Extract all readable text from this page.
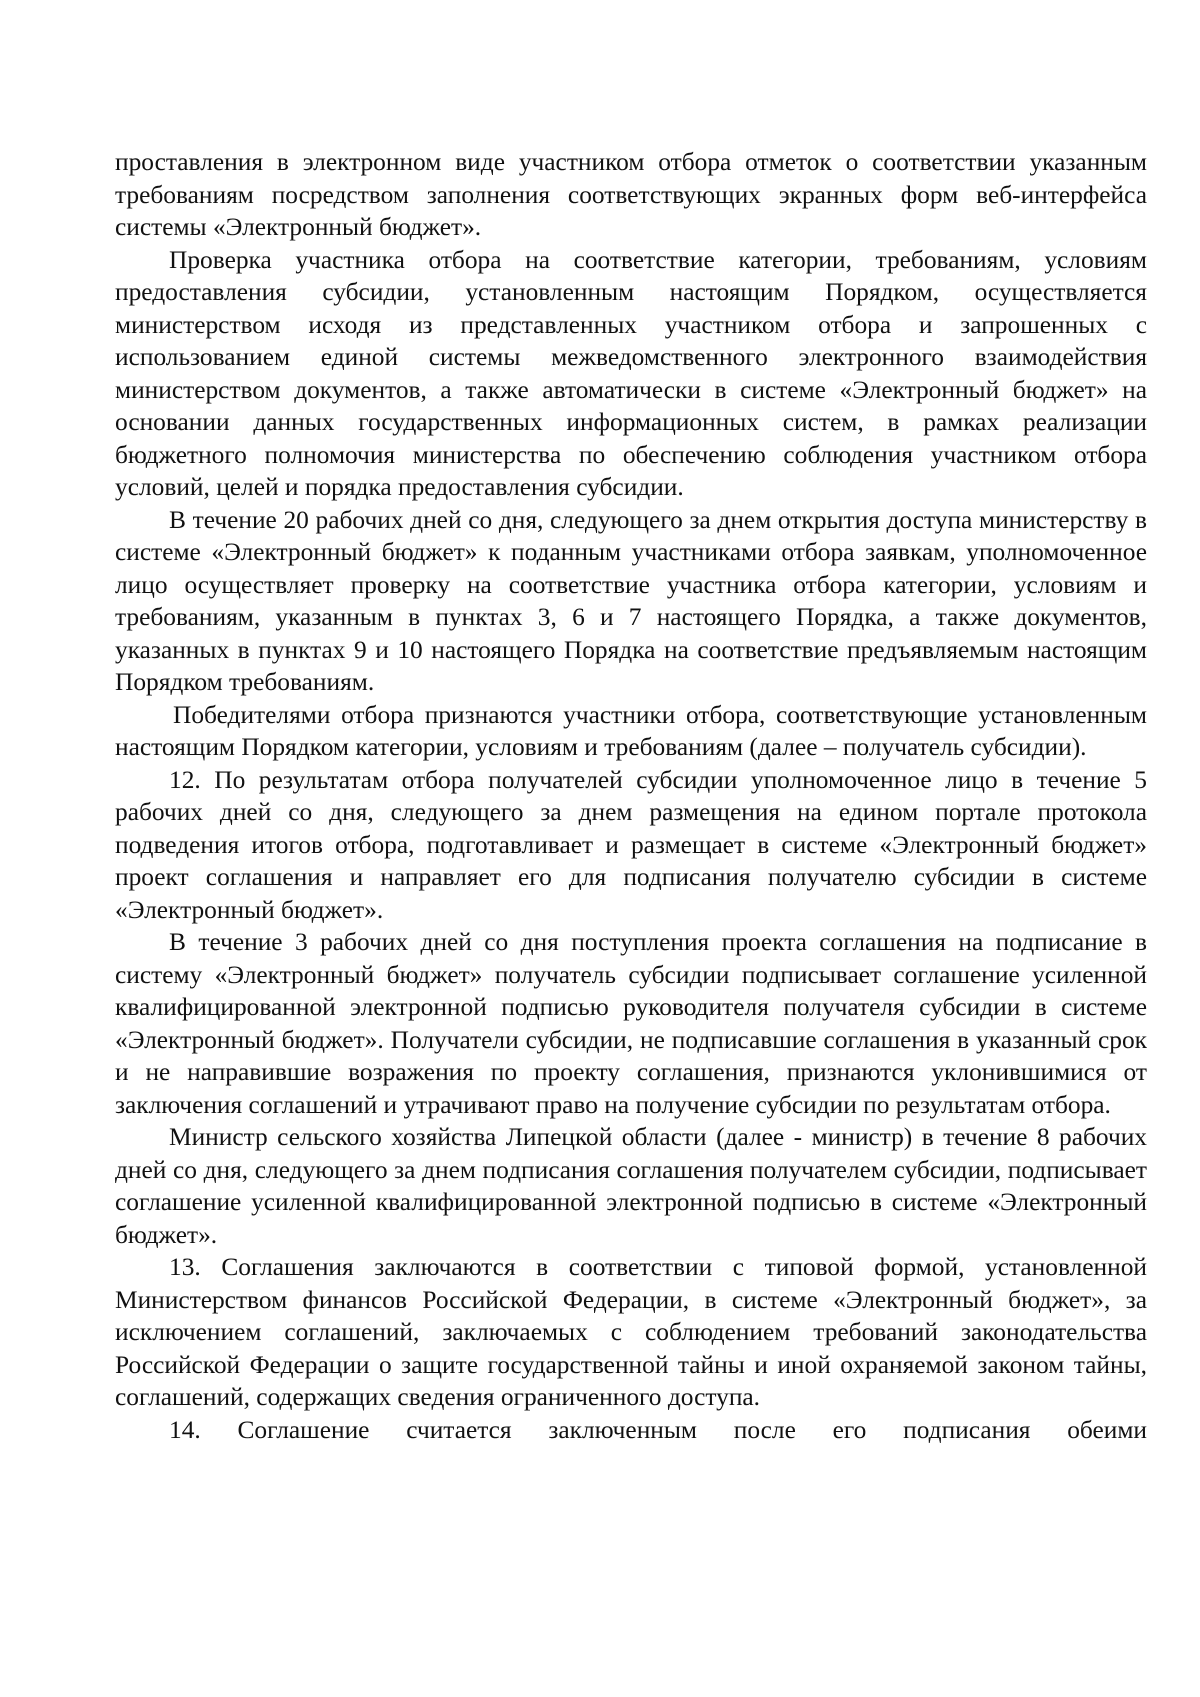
проставления в электронном виде участником отбора отметок о соответствии указанным требованиям посредством заполнения соответствующих экранных форм веб-интерфейса системы «Электронный бюджет».

Проверка участника отбора на соответствие категории, требованиям, условиям предоставления субсидии, установленным настоящим Порядком, осуществляется министерством исходя из представленных участником отбора и запрошенных с использованием единой системы межведомственного электронного взаимодействия министерством документов, а также автоматически в системе «Электронный бюджет» на основании данных государственных информационных систем, в рамках реализации бюджетного полномочия министерства по обеспечению соблюдения участником отбора условий, целей и порядка предоставления субсидии.

В течение 20 рабочих дней со дня, следующего за днем открытия доступа министерству в системе «Электронный бюджет» к поданным участниками отбора заявкам, уполномоченное лицо осуществляет проверку на соответствие участника отбора категории, условиям и требованиям, указанным в пунктах 3, 6 и 7 настоящего Порядка, а также документов, указанных в пунктах 9 и 10 настоящего Порядка на соответствие предъявляемым настоящим Порядком требованиям.

Победителями отбора признаются участники отбора, соответствующие установленным настоящим Порядком категории, условиям и требованиям (далее – получатель субсидии).

12. По результатам отбора получателей субсидии уполномоченное лицо в течение 5 рабочих дней со дня, следующего за днем размещения на едином портале протокола подведения итогов отбора, подготавливает и размещает в системе «Электронный бюджет» проект соглашения и направляет его для подписания получателю субсидии в системе «Электронный бюджет».

В течение 3 рабочих дней со дня поступления проекта соглашения на подписание в систему «Электронный бюджет» получатель субсидии подписывает соглашение усиленной квалифицированной электронной подписью руководителя получателя субсидии в системе «Электронный бюджет». Получатели субсидии, не подписавшие соглашения в указанный срок и не направившие возражения по проекту соглашения, признаются уклонившимися от заключения соглашений и утрачивают право на получение субсидии по результатам отбора.

Министр сельского хозяйства Липецкой области (далее - министр) в течение 8 рабочих дней со дня, следующего за днем подписания соглашения получателем субсидии, подписывает соглашение усиленной квалифицированной электронной подписью в системе «Электронный бюджет».

13. Соглашения заключаются в соответствии с типовой формой, установленной Министерством финансов Российской Федерации, в системе «Электронный бюджет», за исключением соглашений, заключаемых с соблюдением требований законодательства Российской Федерации о защите государственной тайны и иной охраняемой законом тайны, соглашений, содержащих сведения ограниченного доступа.

14. Соглашение считается заключенным после его подписания обеими
